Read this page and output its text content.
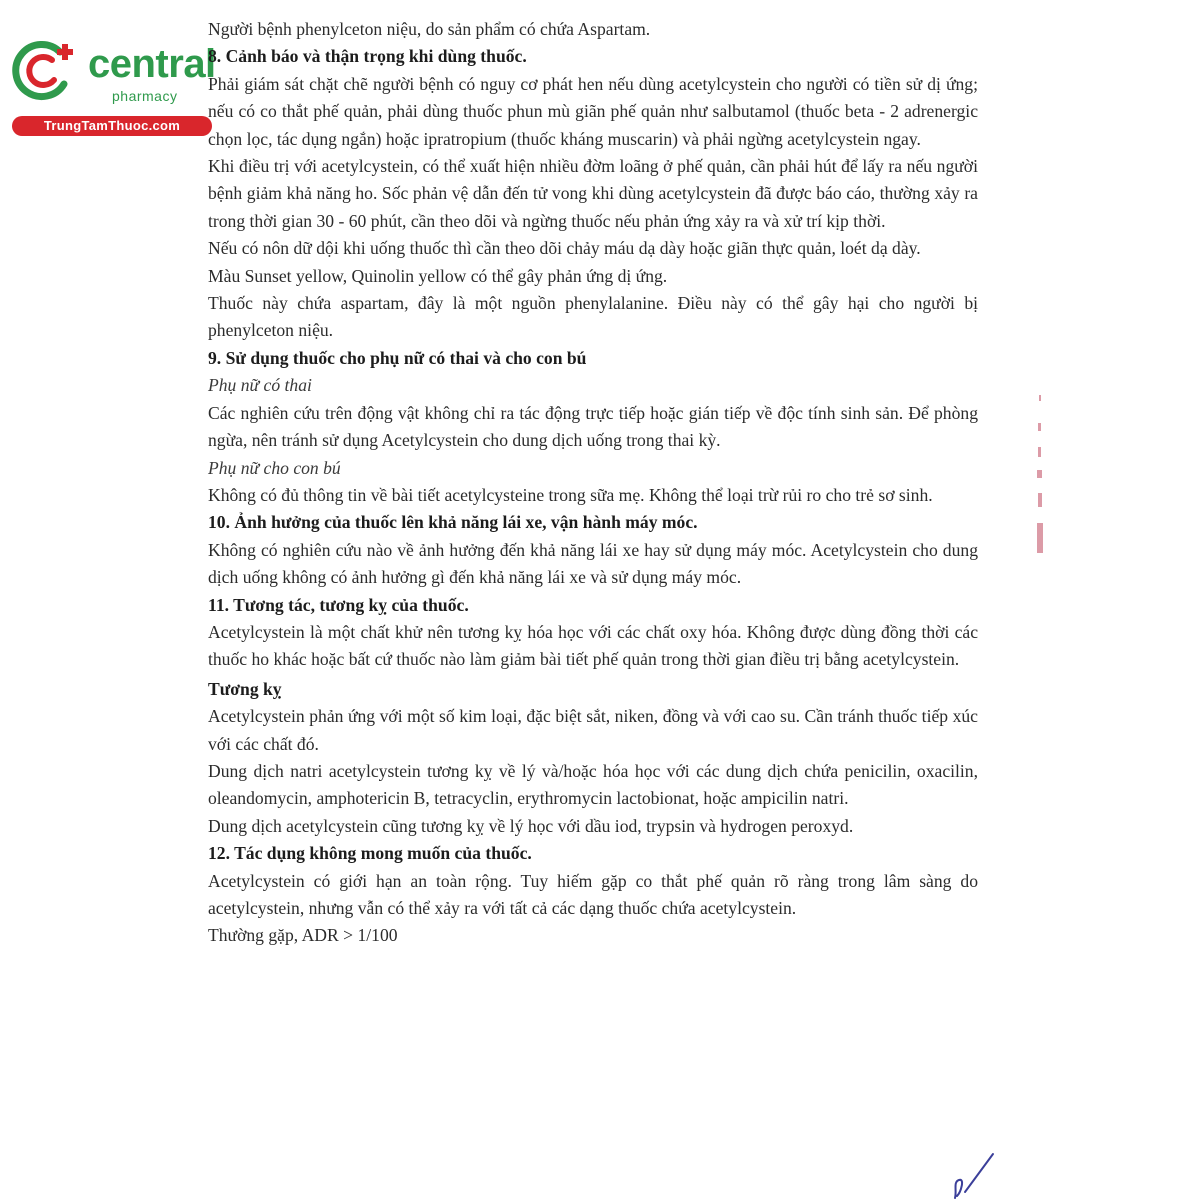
central
pharmacy
TrungTamThuoc.com

Người bệnh phenylceton niệu, do sản phẩm có chứa Aspartam.

8. Cảnh báo và thận trọng khi dùng thuốc.

Phải giám sát chặt chẽ người bệnh có nguy cơ phát hen nếu dùng acetylcystein cho người có tiền sử dị ứng; nếu có co thắt phế quản, phải dùng thuốc phun mù giãn phế quản như salbutamol (thuốc beta - 2 adrenergic chọn lọc, tác dụng ngắn) hoặc ipratropium (thuốc kháng muscarin) và phải ngừng acetylcystein ngay.

Khi điều trị với acetylcystein, có thể xuất hiện nhiều đờm loãng ở phế quản, cần phải hút để lấy ra nếu người bệnh giảm khả năng ho. Sốc phản vệ dẫn đến tử vong khi dùng acetylcystein đã được báo cáo, thường xảy ra trong thời gian 30 - 60 phút, cần theo dõi và ngừng thuốc nếu phản ứng xảy ra và xử trí kịp thời.

Nếu có nôn dữ dội khi uống thuốc thì cần theo dõi chảy máu dạ dày hoặc giãn thực quản, loét dạ dày.

Màu Sunset yellow, Quinolin yellow có thể gây phản ứng dị ứng.

Thuốc này chứa aspartam, đây là một nguồn phenylalanine. Điều này có thể gây hại cho người bị phenylceton niệu.

9. Sử dụng thuốc cho phụ nữ có thai và cho con bú
Phụ nữ có thai

Các nghiên cứu trên động vật không chỉ ra tác động trực tiếp hoặc gián tiếp về độc tính sinh sản. Để phòng ngừa, nên tránh sử dụng Acetylcystein cho dung dịch uống trong thai kỳ.

Phụ nữ cho con bú

Không có đủ thông tin về bài tiết acetylcysteine trong sữa mẹ. Không thể loại trừ rủi ro cho trẻ sơ sinh.

10. Ảnh hưởng của thuốc lên khả năng lái xe, vận hành máy móc.

Không có nghiên cứu nào về ảnh hưởng đến khả năng lái xe hay sử dụng máy móc. Acetylcystein cho dung dịch uống không có ảnh hưởng gì đến khả năng lái xe và sử dụng máy móc.

11. Tương tác, tương kỵ của thuốc.

Acetylcystein là một chất khử nên tương kỵ hóa học với các chất oxy hóa. Không được dùng đồng thời các thuốc ho khác hoặc bất cứ thuốc nào làm giảm bài tiết phế quản trong thời gian điều trị bằng acetylcystein.

Tương kỵ

Acetylcystein phản ứng với một số kim loại, đặc biệt sắt, niken, đồng và với cao su. Cần tránh thuốc tiếp xúc với các chất đó.

Dung dịch natri acetylcystein tương kỵ về lý và/hoặc hóa học với các dung dịch chứa penicilin, oxacilin, oleandomycin, amphotericin B, tetracyclin, erythromycin lactobionat, hoặc ampicilin natri.

Dung dịch acetylcystein cũng tương kỵ về lý học với dầu iod, trypsin và hydrogen peroxyd.

12. Tác dụng không mong muốn của thuốc.

Acetylcystein có giới hạn an toàn rộng. Tuy hiếm gặp co thắt phế quản rõ ràng trong lâm sàng do acetylcystein, nhưng vẫn có thể xảy ra với tất cả các dạng thuốc chứa acetylcystein.

Thường gặp, ADR > 1/100
